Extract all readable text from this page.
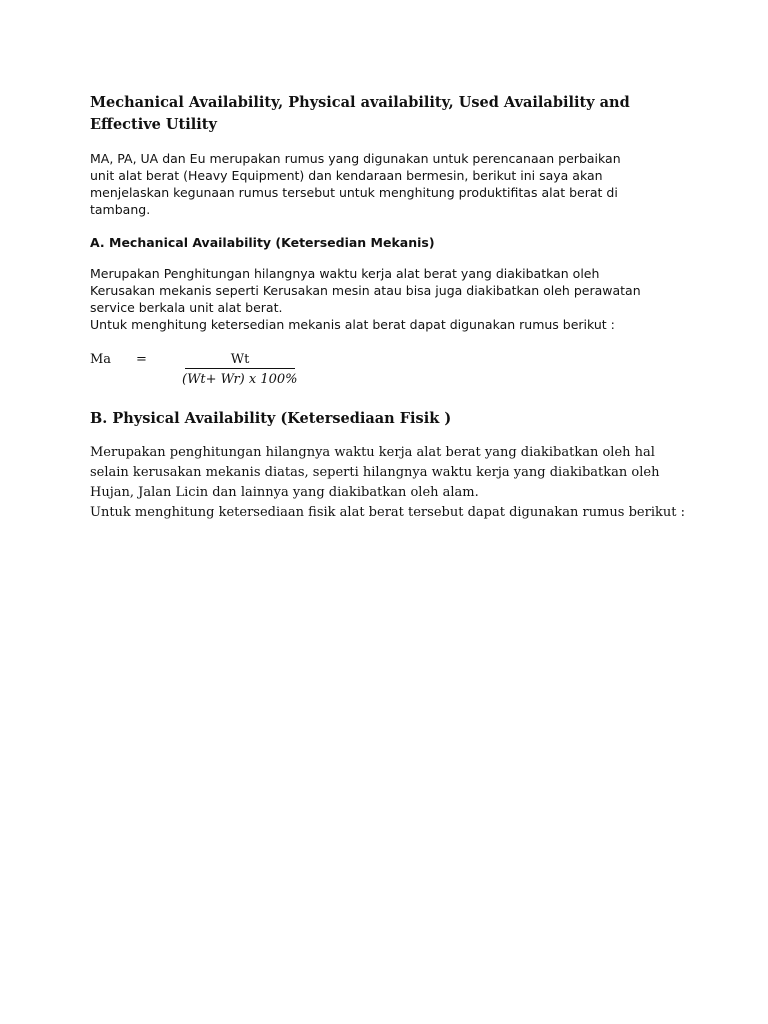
Mechanical Availability, Physical availability, Used Availability and Effective Utility
MA, PA, UA dan Eu merupakan rumus yang digunakan untuk perencanaan perbaikan
unit alat berat (Heavy Equipment) dan kendaraan bermesin, berikut ini saya akan
menjelaskan kegunaan rumus tersebut untuk menghitung produktifitas alat berat di
tambang.
A. Mechanical Availability (Ketersedian Mekanis)
Merupakan Penghitungan hilangnya waktu kerja alat berat yang diakibatkan oleh
Kerusakan mekanis seperti Kerusakan mesin atau bisa juga diakibatkan oleh perawatan
service berkala unit alat berat.
Untuk menghitung ketersedian mekanis alat berat dapat digunakan rumus berikut :
Ma =	Wt
(Wt+ Wr) x 100%
B. Physical Availability (Ketersediaan Fisik )
Merupakan penghitungan hilangnya waktu kerja alat berat yang diakibatkan oleh hal
selain kerusakan mekanis diatas, seperti hilangnya waktu kerja yang diakibatkan oleh
Hujan, Jalan Licin dan lainnya yang diakibatkan oleh alam.
Untuk menghitung ketersediaan fisik alat berat tersebut dapat digunakan rumus berikut :
